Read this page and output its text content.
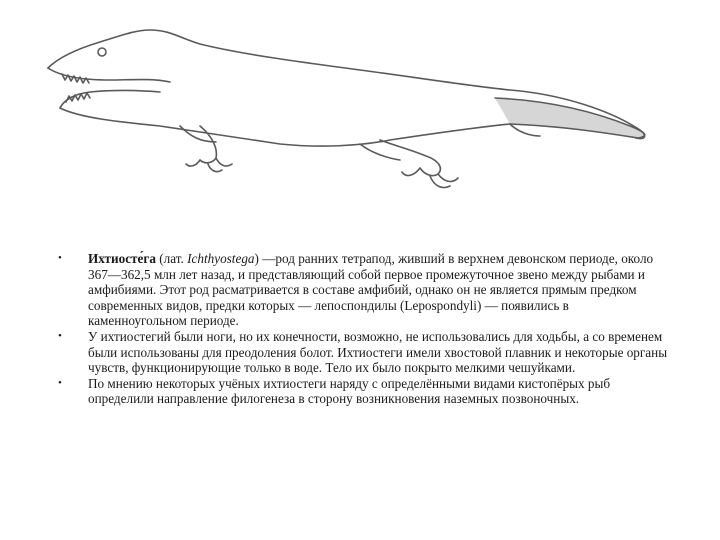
• Ихтиосте́га (лат. Ichthyostega) —род ранних тетрапод, живший в верхнем девонском периоде, около 367—362,5 млн лет назад, и представляющий собой первое промежуточное звено между рыбами и амфибиями. Этот род расматривается в составе амфибий, однако он не является прямым предком современных видов, предки которых — лепоспондилы (Lepospondyli) — появились в каменноугольном периоде.
• У ихтиостегий были ноги, но их конечности, возможно, не использовались для ходьбы, а со временем были использованы для преодоления болот. Ихтиостеги имели хвостовой плавник и некоторые органы чувств, функционирующие только в воде. Тело их было покрыто мелкими чешуйками.
• По мнению некоторых учёных ихтиостеги наряду с определёнными видами кистопёрых рыб определили направление филогенеза в сторону возникновения наземных позвоночных.
